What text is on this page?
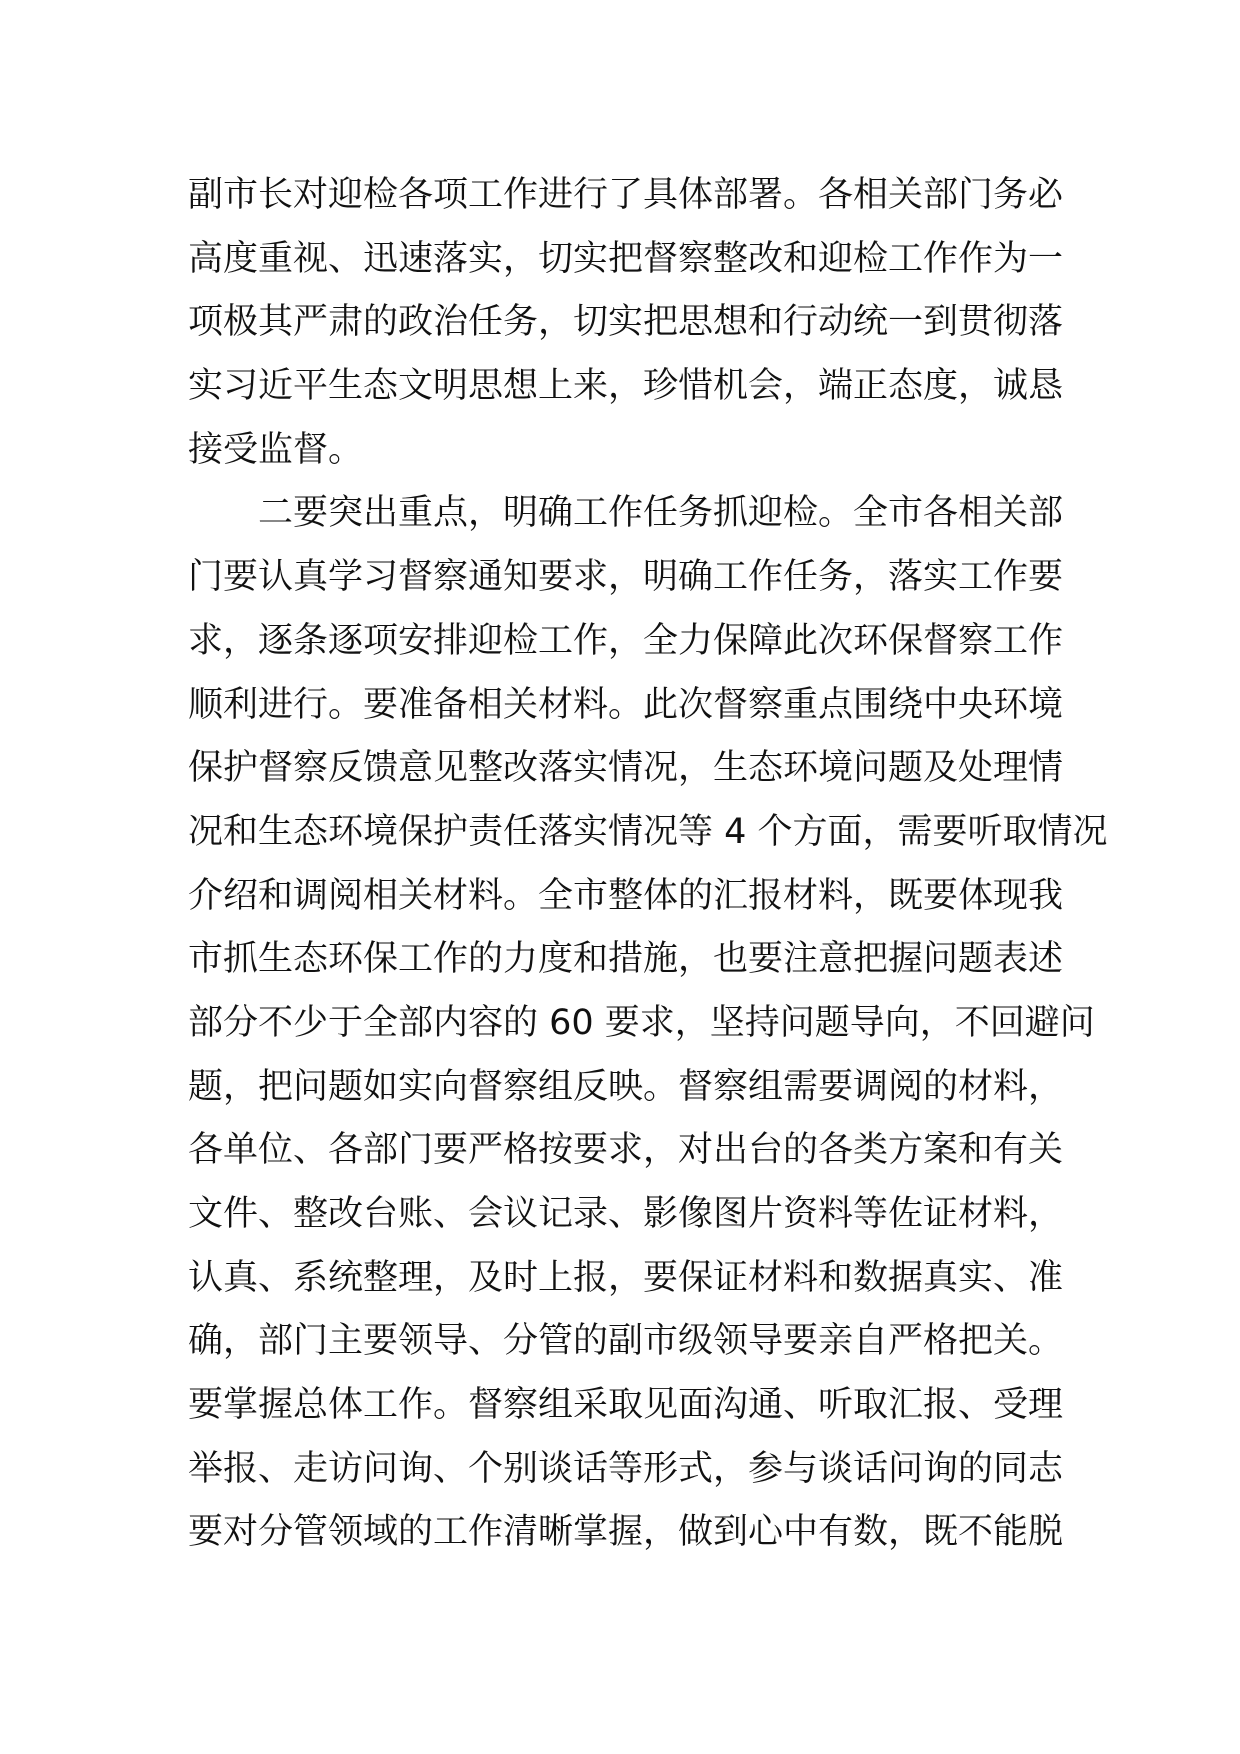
副市长对迎检各项工作进行了具体部署。各相关部门务必
高度重视、迅速落实，切实把督察整改和迎检工作作为一
项极其严肃的政治任务，切实把思想和行动统一到贯彻落
实习近平生态文明思想上来，珍惜机会，端正态度，诚恳
接受监督。
二要突出重点，明确工作任务抓迎检。全市各相关部
门要认真学习督察通知要求，明确工作任务，落实工作要
求，逐条逐项安排迎检工作，全力保障此次环保督察工作
顺利进行。要准备相关材料。此次督察重点围绕中央环境
保护督察反馈意见整改落实情况，生态环境问题及处理情
况和生态环境保护责任落实情况等 4 个方面，需要听取情况
介绍和调阅相关材料。全市整体的汇报材料，既要体现我
市抓生态环保工作的力度和措施，也要注意把握问题表述
部分不少于全部内容的 60 要求，坚持问题导向，不回避问
题，把问题如实向督察组反映。督察组需要调阅的材料，
各单位、各部门要严格按要求，对出台的各类方案和有关
文件、整改台账、会议记录、影像图片资料等佐证材料，
认真、系统整理，及时上报，要保证材料和数据真实、准
确，部门主要领导、分管的副市级领导要亲自严格把关。
要掌握总体工作。督察组采取见面沟通、听取汇报、受理
举报、走访问询、个别谈话等形式，参与谈话问询的同志
要对分管领域的工作清晰掌握，做到心中有数，既不能脱
